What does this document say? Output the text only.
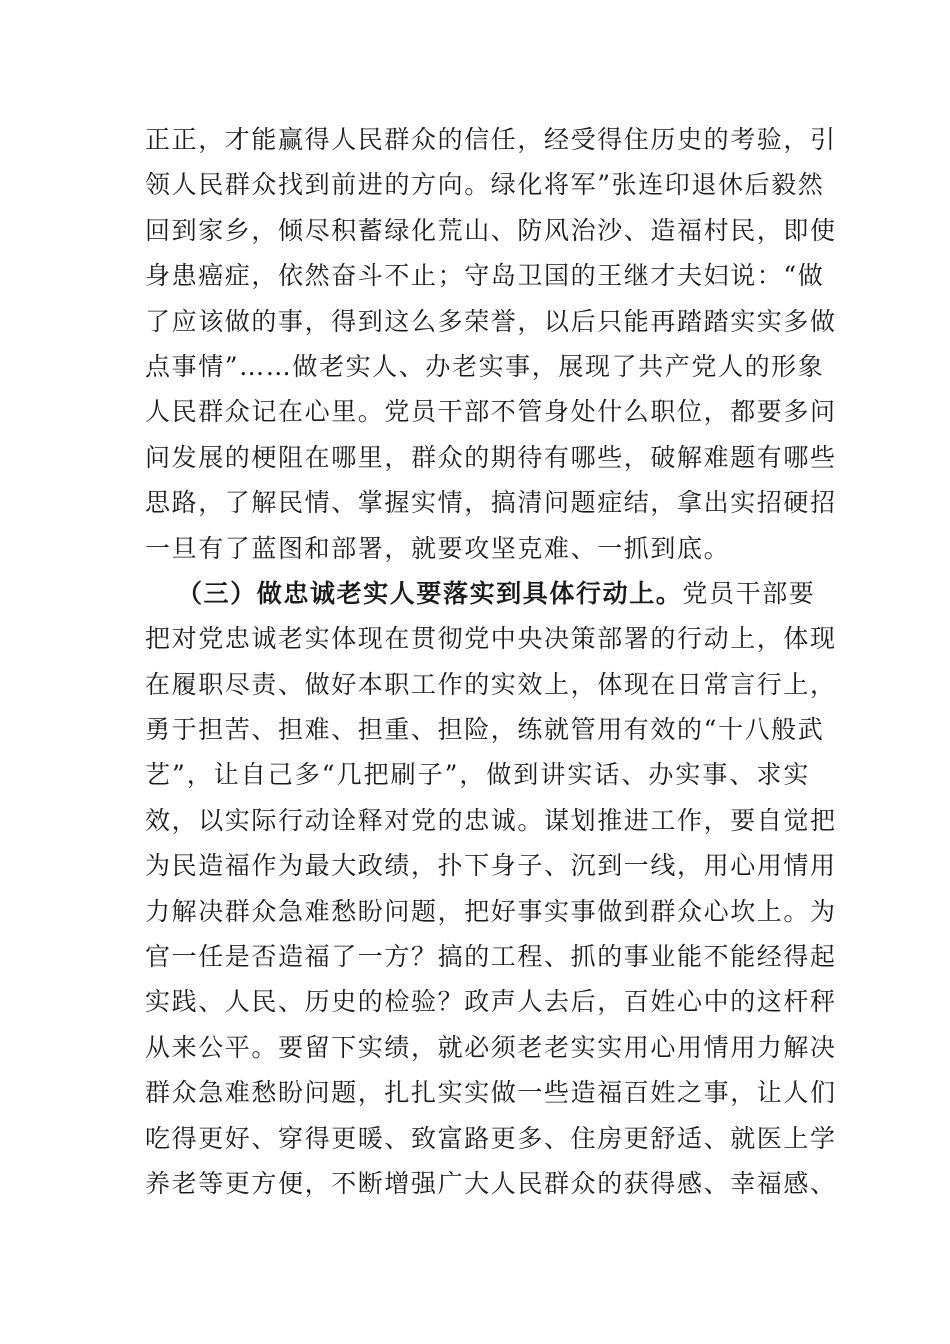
正正，才能赢得人民群众的信任，经受得住历史的考验，引
领人民群众找到前进的方向。绿化将军”张连印退休后毅然
回到家乡，倾尽积蓄绿化荒山、防风治沙、造福村民，即使
身患癌症，依然奋斗不止；守岛卫国的王继才夫妇说：“做
了应该做的事，得到这么多荣誉，以后只能再踏踏实实多做
点事情”……做老实人、办老实事，展现了共产党人的形象
人民群众记在心里。党员干部不管身处什么职位，都要多问
问发展的梗阻在哪里，群众的期待有哪些，破解难题有哪些
思路，了解民情、掌握实情，搞清问题症结，拿出实招硬招
一旦有了蓝图和部署，就要攻坚克难、一抓到底。
（三）做忠诚老实人要落实到具体行动上。党员干部要
把对党忠诚老实体现在贯彻党中央决策部署的行动上，体现
在履职尽责、做好本职工作的实效上，体现在日常言行上，
勇于担苦、担难、担重、担险，练就管用有效的“十八般武
艺”，让自己多“几把刷子”，做到讲实话、办实事、求实
效，以实际行动诠释对党的忠诚。谋划推进工作，要自觉把
为民造福作为最大政绩，扑下身子、沉到一线，用心用情用
力解决群众急难愁盼问题，把好事实事做到群众心坎上。为
官一任是否造福了一方？搞的工程、抓的事业能不能经得起
实践、人民、历史的检验？政声人去后，百姓心中的这杆秤
从来公平。要留下实绩，就必须老老实实用心用情用力解决
群众急难愁盼问题，扎扎实实做一些造福百姓之事，让人们
吃得更好、穿得更暖、致富路更多、住房更舒适、就医上学
养老等更方便，不断增强广大人民群众的获得感、幸福感、
